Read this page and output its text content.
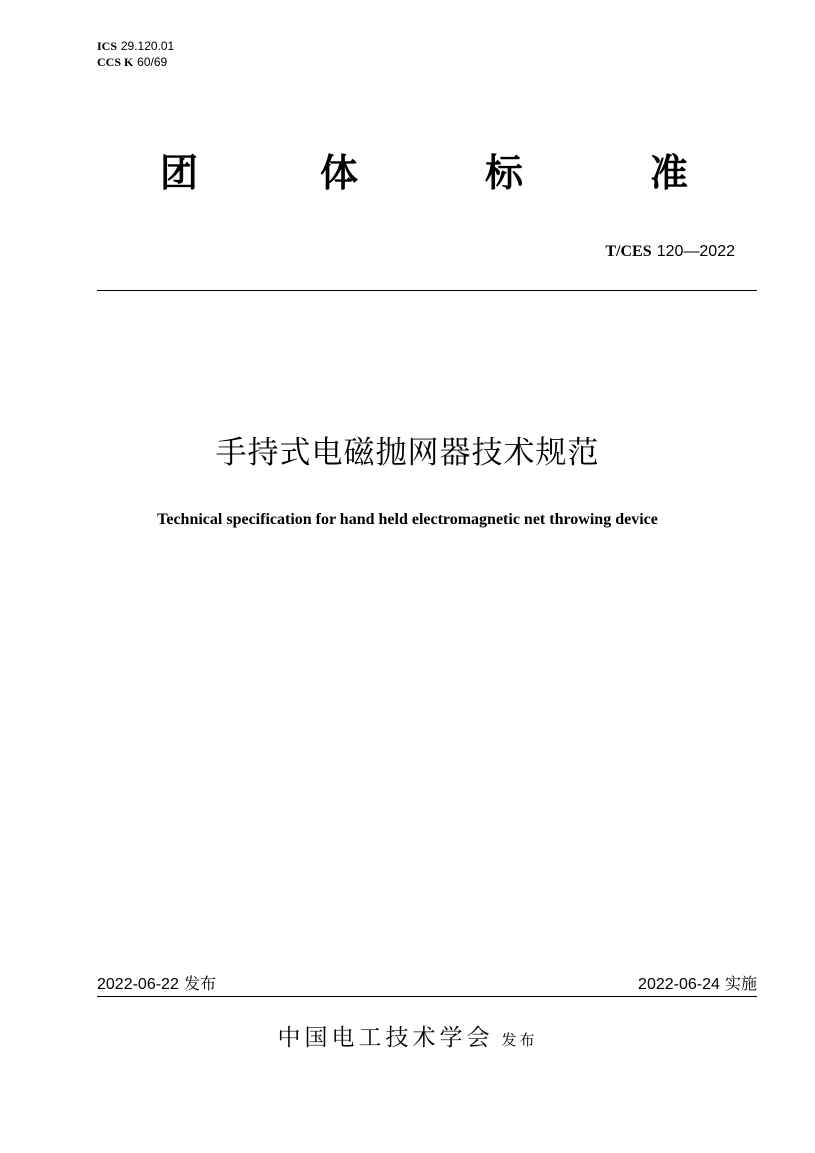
ICS 29.120.01
CCS K 60/69
团	体	标	准
T/CES 120—2022
手持式电磁抛网器技术规范
Technical specification for hand held electromagnetic net throwing device
2022-06-22 发布	2022-06-24 实施
中国电工技术学会 发布
